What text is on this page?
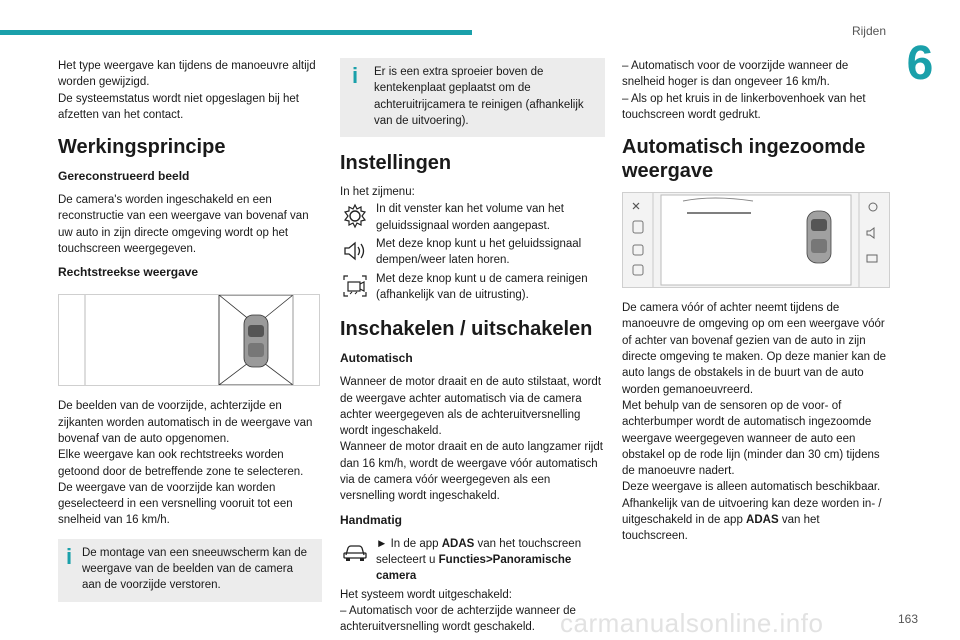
Rijden
6

Het type weergave kan tijdens de manoeuvre altijd worden gewijzigd.
De systeemstatus wordt niet opgeslagen bij het afzetten van het contact.

Werkingsprincipe
Gereconstrueerd beeld

De camera's worden ingeschakeld en een reconstructie van een weergave van bovenaf van uw auto in zijn directe omgeving wordt op het touchscreen weergegeven.

Rechtstreekse weergave

De beelden van de voorzijde, achterzijde en zijkanten worden automatisch in de weergave van bovenaf van de auto opgenomen.
Elke weergave kan ook rechtstreeks worden getoond door de betreffende zone te selecteren.
De weergave van de voorzijde kan worden geselecteerd in een versnelling vooruit tot een snelheid van 16 km/h.

i De montage van een sneeuwscherm kan de weergave van de beelden van de camera aan de voorzijde verstoren.
i	Er is een extra sproeier boven de kentekenplaat geplaatst om de achteruitrijcamera te reinigen (afhankelijk van de uitvoering).
Instellingen

In het zijmenu:

In dit venster kan het volume van het geluidssignaal worden aangepast.

Met deze knop kunt u het geluidssignaal dempen/weer laten horen.

Met deze knop kunt u de camera reinigen (afhankelijk van de uitrusting).

Inschakelen / uitschakelen
Automatisch

Wanneer de motor draait en de auto stilstaat, wordt de weergave achter automatisch via de camera achter weergegeven als de achteruitversnelling wordt ingeschakeld.
Wanneer de motor draait en de auto langzamer rijdt dan 16 km/h, wordt de weergave vóór automatisch via de camera vóór weergegeven als een versnelling wordt ingeschakeld.

Handmatig

► In de app ADAS van het touchscreen selecteert u Functies>Panoramische camera

Het systeem wordt uitgeschakeld:
– Automatisch voor de achterzijde wanneer de achteruitversnelling wordt geschakeld.

– Automatisch voor de voorzijde wanneer de snelheid hoger is dan ongeveer 16 km/h.
– Als op het kruis in de linkerbovenhoek van het touchscreen wordt gedrukt.

Automatisch ingezoomde weergave

De camera vóór of achter neemt tijdens de manoeuvre de omgeving op om een weergave vóór of achter van bovenaf gezien van de auto in zijn directe omgeving te maken. Op deze manier kan de auto langs de obstakels in de buurt van de auto worden gemanoeuvreerd.
Met behulp van de sensoren op de voor- of achterbumper wordt de automatisch ingezoomde weergave weergegeven wanneer de auto een obstakel op de rode lijn (minder dan 30 cm) tijdens de manoeuvre nadert.
Deze weergave is alleen automatisch beschikbaar.
Afhankelijk van de uitvoering kan deze worden in- / uitgeschakeld in de app ADAS van het touchscreen.

carmanualsonline.info	163
